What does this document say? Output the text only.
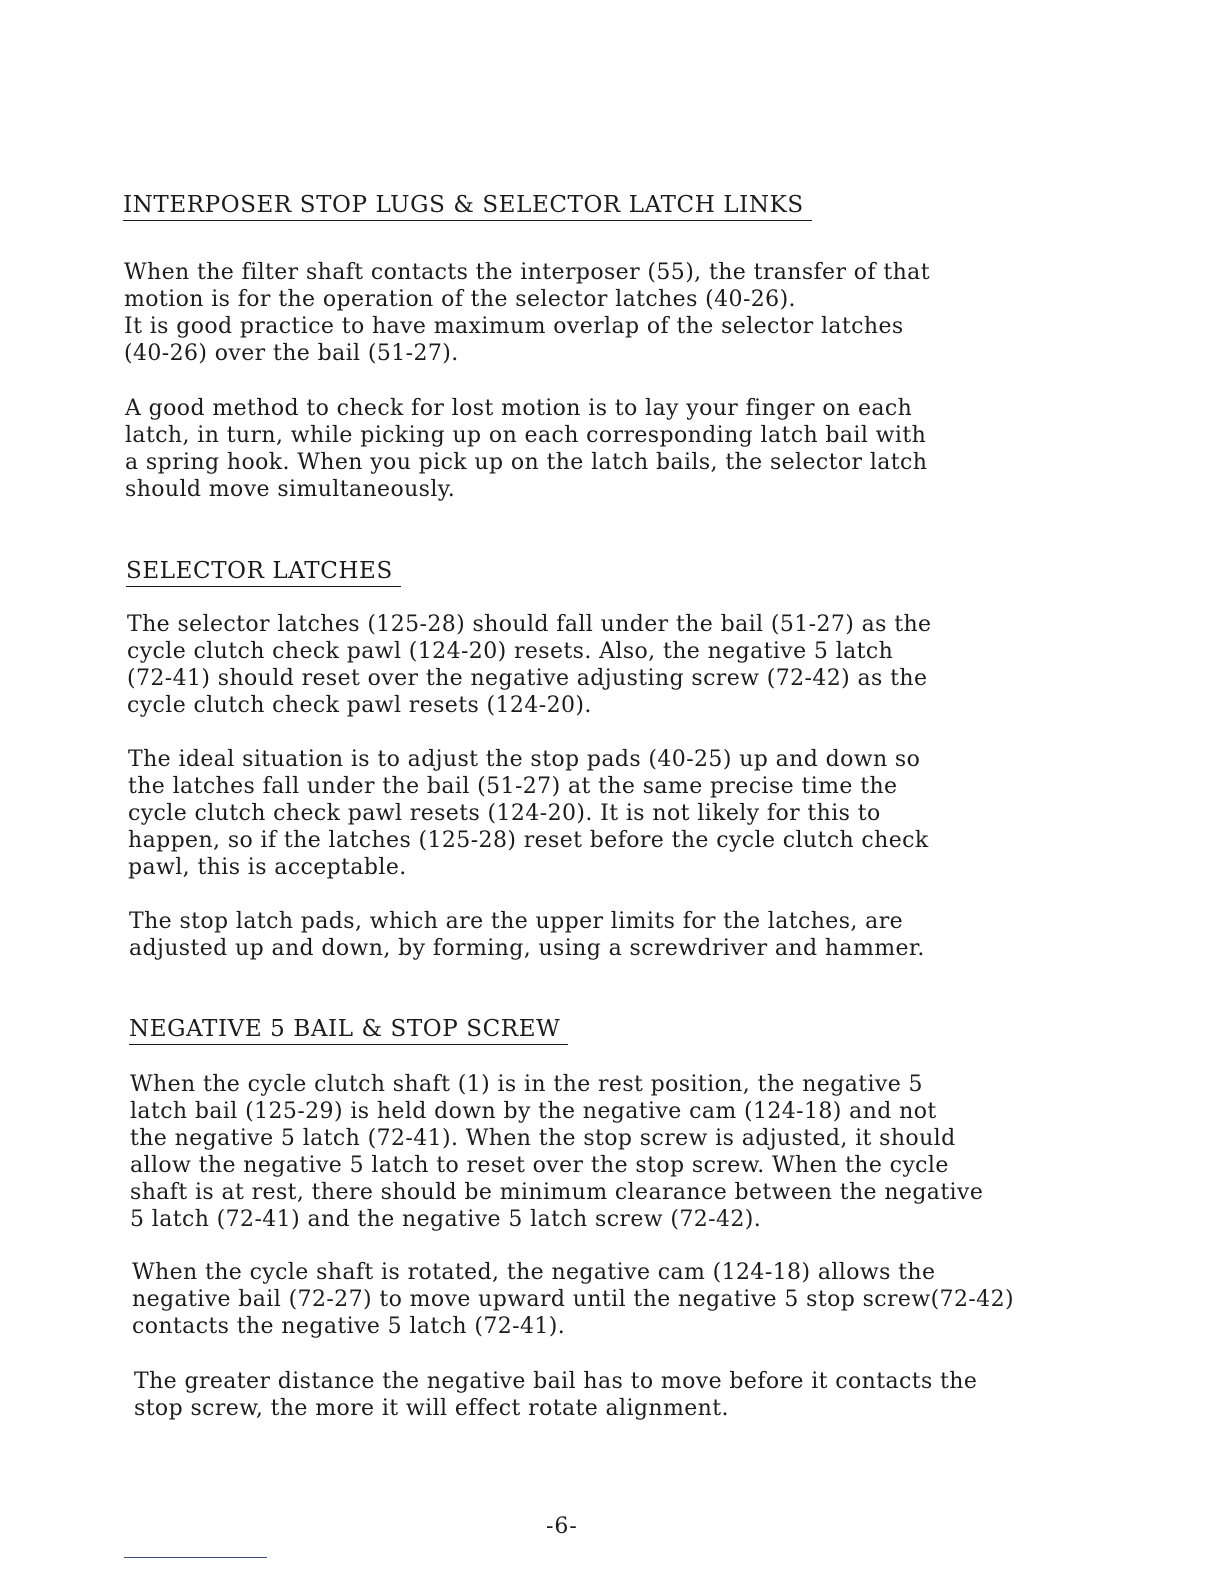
INTERPOSER STOP LUGS & SELECTOR LATCH LINKS
When the filter shaft contacts the interposer (55), the transfer of that
motion is for the operation of the selector latches (40-26).
It is good practice to have maximum overlap of the selector latches
(40-26) over the bail (51-27).
A good method to check for lost motion is to lay your finger on each
latch, in turn, while picking up on each corresponding latch bail with
a spring hook. When you pick up on the latch bails, the selector latch
should move simultaneously.
SELECTOR LATCHES
The selector latches (125-28) should fall under the bail (51-27) as the
cycle clutch check pawl (124-20) resets. Also, the negative 5 latch
(72-41) should reset over the negative adjusting screw (72-42) as the
cycle clutch check pawl resets (124-20).
The ideal situation is to adjust the stop pads (40-25) up and down so
the latches fall under the bail (51-27) at the same precise time the
cycle clutch check pawl resets (124-20). It is not likely for this to
happen, so if the latches (125-28) reset before the cycle clutch check
pawl, this is acceptable.
The stop latch pads, which are the upper limits for the latches, are
adjusted up and down, by forming, using a screwdriver and hammer.
NEGATIVE 5 BAIL & STOP SCREW
When the cycle clutch shaft (1) is in the rest position, the negative 5
latch bail (125-29) is held down by the negative cam (124-18) and not
the negative 5 latch (72-41). When the stop screw is adjusted, it should
allow the negative 5 latch to reset over the stop screw. When the cycle
shaft is at rest, there should be minimum clearance between the negative
5 latch (72-41) and the negative 5 latch screw (72-42).
When the cycle shaft is rotated, the negative cam (124-18) allows the
negative bail (72-27) to move upward until the negative 5 stop screw(72-42)
contacts the negative 5 latch (72-41).
The greater distance the negative bail has to move before it contacts the
stop screw, the more it will effect rotate alignment.
-6-
